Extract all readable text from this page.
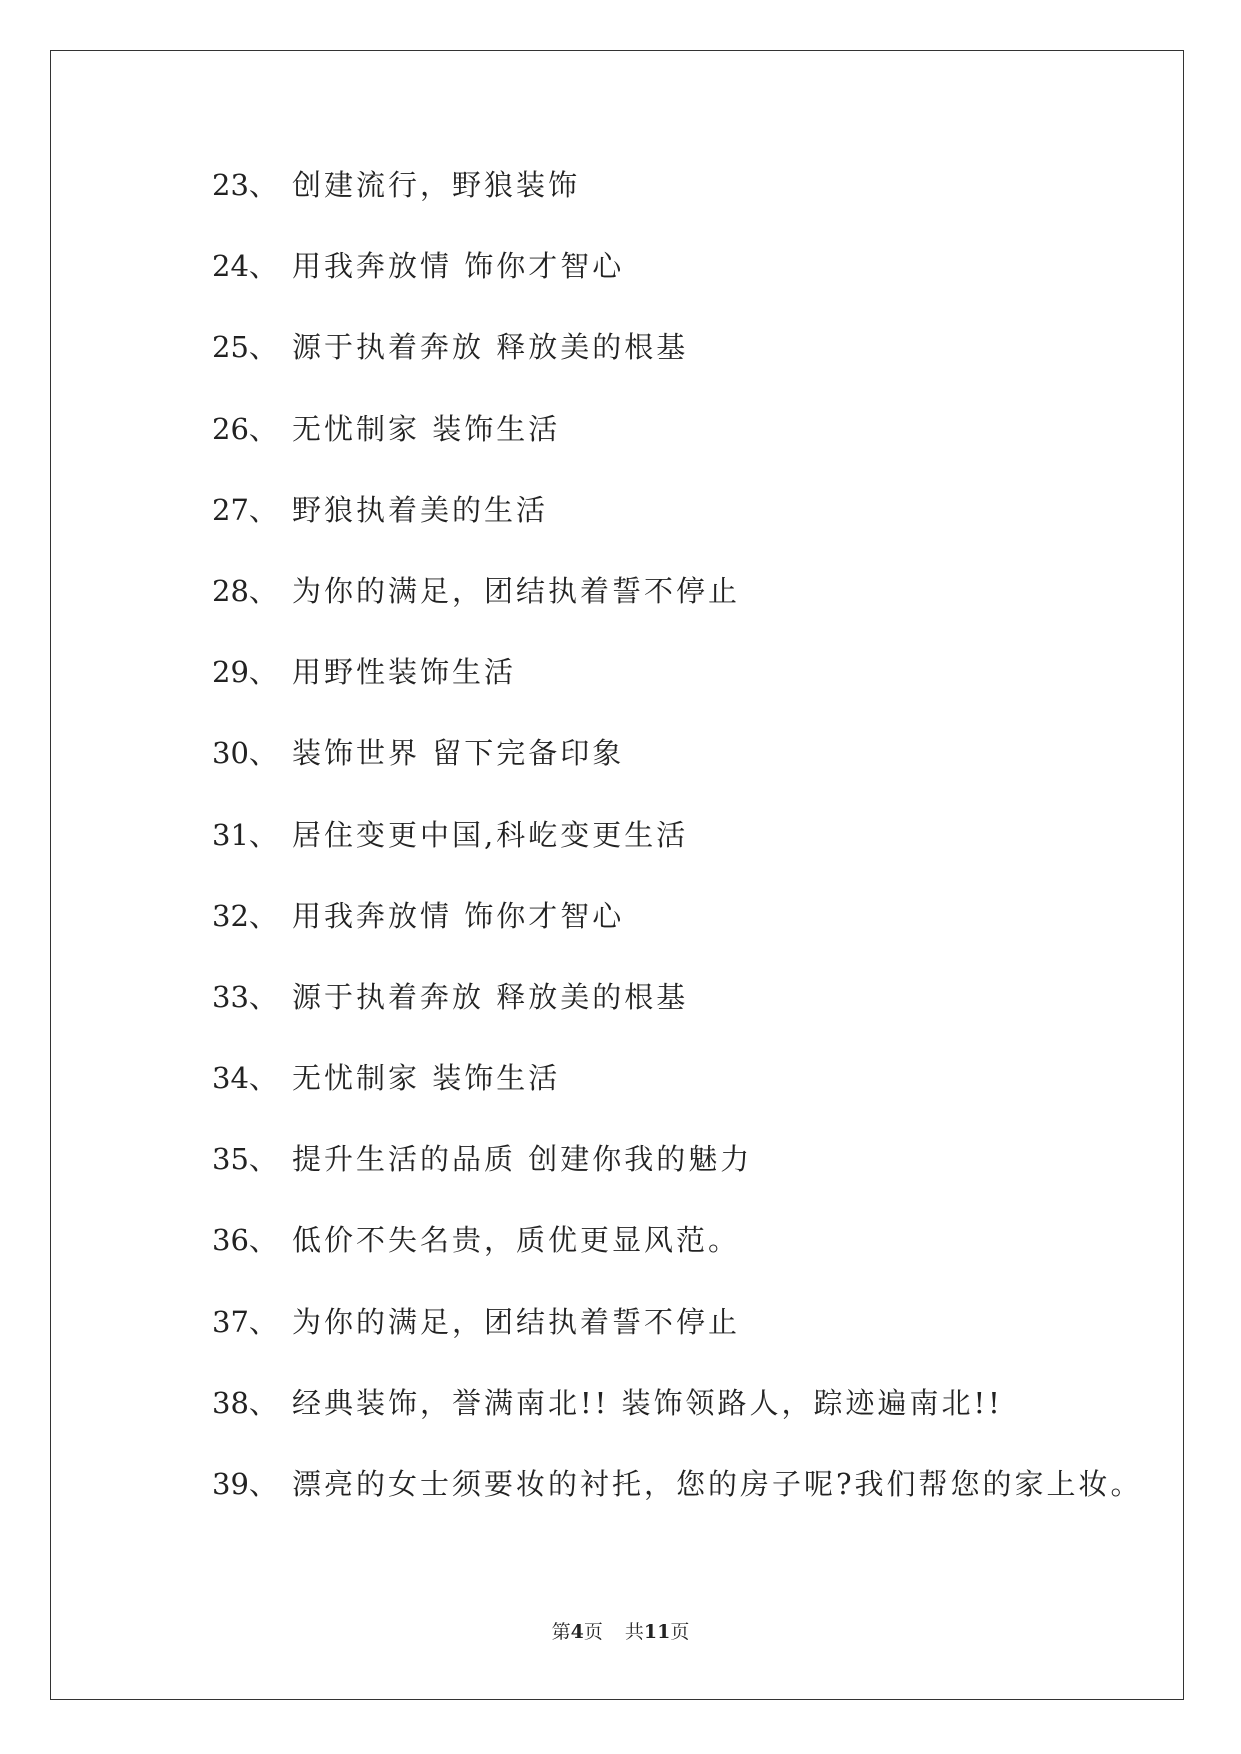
23、 创建流行，野狼装饰
24、 用我奔放情 饰你才智心
25、 源于执着奔放 释放美的根基
26、 无忧制家 装饰生活
27、 野狼执着美的生活
28、 为你的满足，团结执着誓不停止
29、 用野性装饰生活
30、 装饰世界 留下完备印象
31、 居住变更中国,科屹变更生活
32、 用我奔放情 饰你才智心
33、 源于执着奔放 释放美的根基
34、 无忧制家 装饰生活
35、 提升生活的品质 创建你我的魅力
36、 低价不失名贵，质优更显风范。
37、 为你的满足，团结执着誓不停止
38、 经典装饰，誉满南北!! 装饰领路人，踪迹遍南北!!
39、 漂亮的女士须要妆的衬托，您的房子呢?我们帮您的家上妆。
第4页 共11页
